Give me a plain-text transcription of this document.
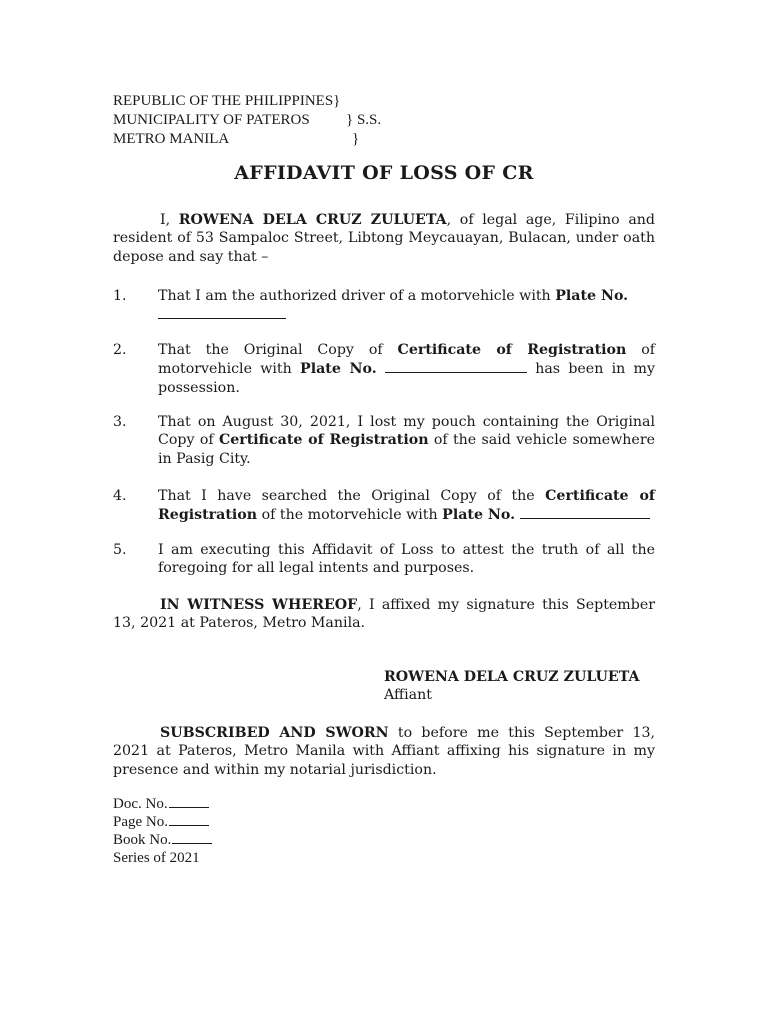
REPUBLIC OF THE PHILIPPINES}
MUNICIPALITY OF PATEROS } S.S.
METRO MANILA	}
AFFIDAVIT OF LOSS OF CR
I, ROWENA DELA CRUZ ZULUETA, of legal age, Filipino and resident of 53 Sampaloc Street, Libtong Meycauayan, Bulacan, under oath depose and say that –
1. That I am the authorized driver of a motorvehicle with Plate No.

2. That the Original Copy of Certificate of Registration of motorvehicle with Plate No.	has been in my possession.
3. That on August 30, 2021, I lost my pouch containing the Original Copy of Certificate of Registration of the said vehicle somewhere in Pasig City.
4. That I have searched the Original Copy of the Certificate of Registration of the motorvehicle with Plate No.
5. I am executing this Affidavit of Loss to attest the truth of all the foregoing for all legal intents and purposes.
IN WITNESS WHEREOF, I affixed my signature this September 13, 2021 at Pateros, Metro Manila.
ROWENA DELA CRUZ ZULUETA
Affiant
SUBSCRIBED AND SWORN to before me this September 13, 2021 at Pateros, Metro Manila with Affiant affixing his signature in my presence and within my notarial jurisdiction.
Doc. No.
Page No.
Book No.
Series of 2021
